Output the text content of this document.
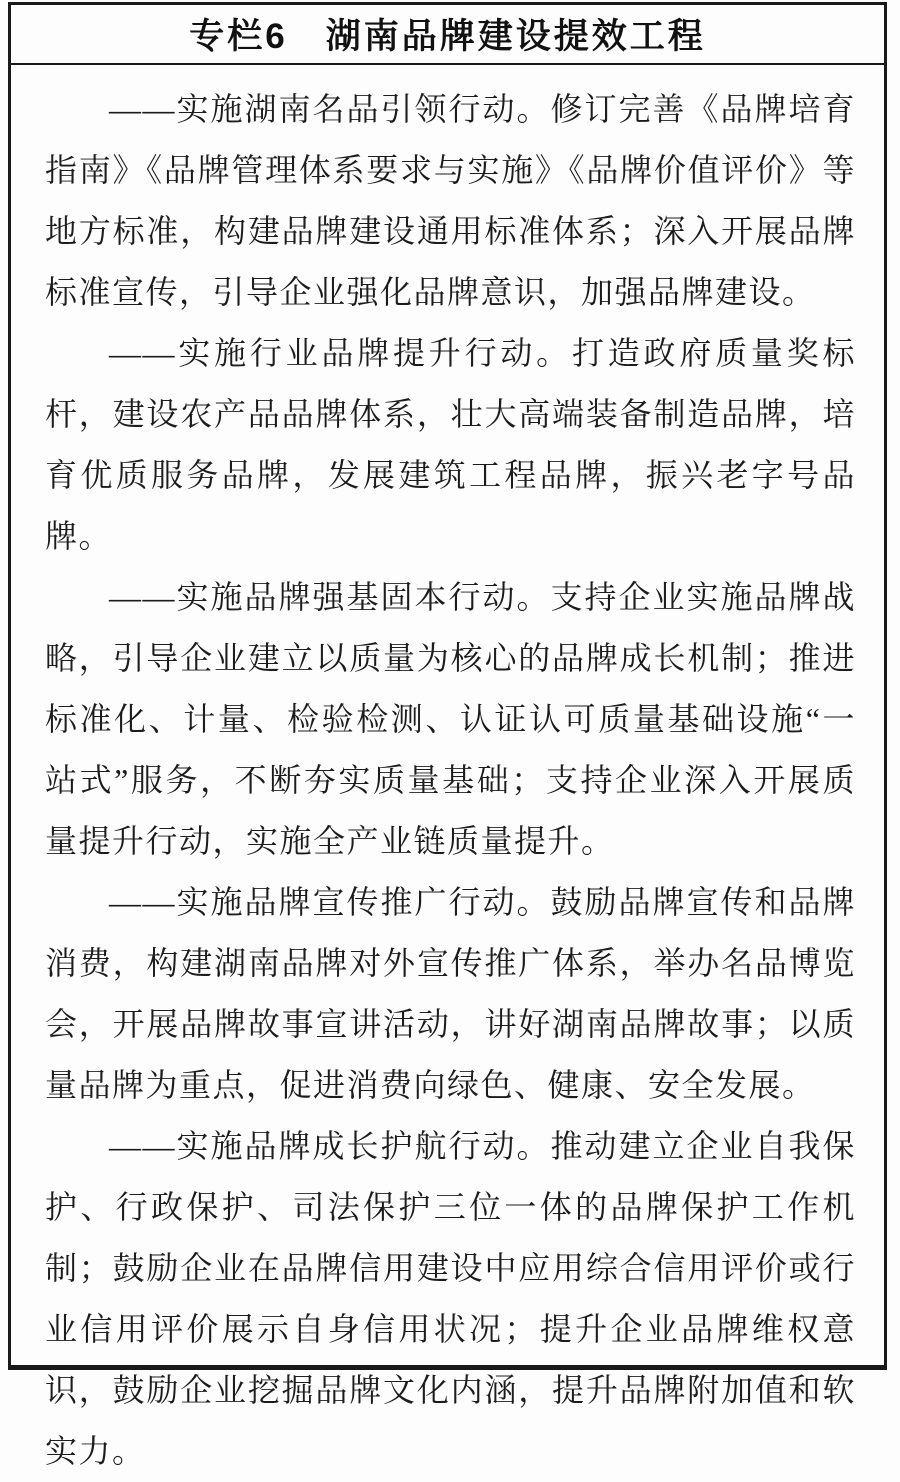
专栏6　湖南品牌建设提效工程

——实施湖南名品引领行动。修订完善《品牌培育指南》《品牌管理体系要求与实施》《品牌价值评价》等地方标准，构建品牌建设通用标准体系；深入开展品牌标准宣传，引导企业强化品牌意识，加强品牌建设。

——实施行业品牌提升行动。打造政府质量奖标杆，建设农产品品牌体系，壮大高端装备制造品牌，培育优质服务品牌，发展建筑工程品牌，振兴老字号品牌。

——实施品牌强基固本行动。支持企业实施品牌战略，引导企业建立以质量为核心的品牌成长机制；推进标准化、计量、检验检测、认证认可质量基础设施“一站式”服务，不断夯实质量基础；支持企业深入开展质量提升行动，实施全产业链质量提升。

——实施品牌宣传推广行动。鼓励品牌宣传和品牌消费，构建湖南品牌对外宣传推广体系，举办名品博览会，开展品牌故事宣讲活动，讲好湖南品牌故事；以质量品牌为重点，促进消费向绿色、健康、安全发展。

——实施品牌成长护航行动。推动建立企业自我保护、行政保护、司法保护三位一体的品牌保护工作机制；鼓励企业在品牌信用建设中应用综合信用评价或行业信用评价展示自身信用状况；提升企业品牌维权意识，鼓励企业挖掘品牌文化内涵，提升品牌附加值和软实力。
